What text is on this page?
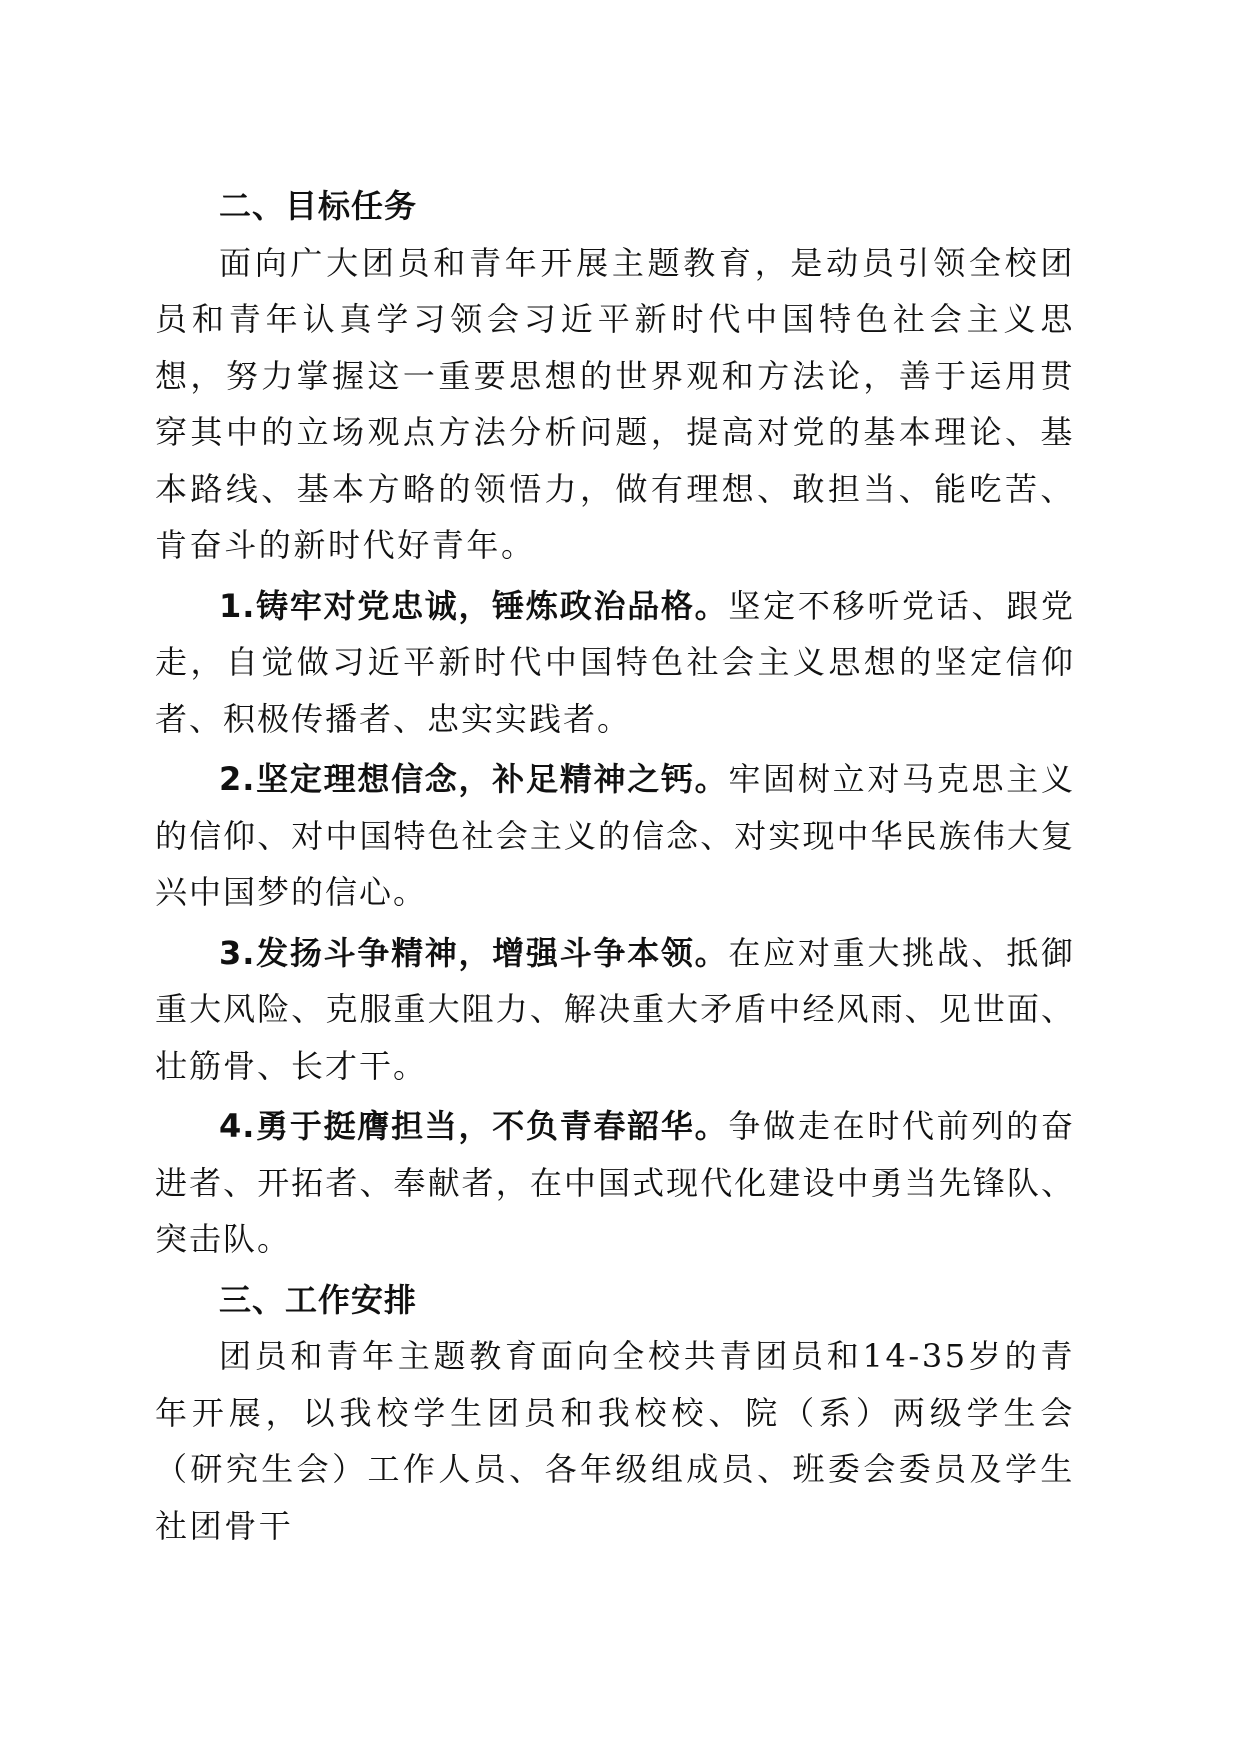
二、目标任务

面向广大团员和青年开展主题教育，是动员引领全校团员和青年认真学习领会习近平新时代中国特色社会主义思想，努力掌握这一重要思想的世界观和方法论，善于运用贯穿其中的立场观点方法分析问题，提高对党的基本理论、基本路线、基本方略的领悟力，做有理想、敢担当、能吃苦、肯奋斗的新时代好青年。

1.铸牢对党忠诚，锤炼政治品格。坚定不移听党话、跟党走，自觉做习近平新时代中国特色社会主义思想的坚定信仰者、积极传播者、忠实实践者。

2.坚定理想信念，补足精神之钙。牢固树立对马克思主义的信仰、对中国特色社会主义的信念、对实现中华民族伟大复兴中国梦的信心。

3.发扬斗争精神，增强斗争本领。在应对重大挑战、抵御重大风险、克服重大阻力、解决重大矛盾中经风雨、见世面、壮筋骨、长才干。

4.勇于挺膺担当，不负青春韶华。争做走在时代前列的奋进者、开拓者、奉献者，在中国式现代化建设中勇当先锋队、突击队。

三、工作安排

团员和青年主题教育面向全校共青团员和14-35岁的青年开展，以我校学生团员和我校校、院（系）两级学生会（研究生会）工作人员、各年级组成员、班委会委员及学生社团骨干
